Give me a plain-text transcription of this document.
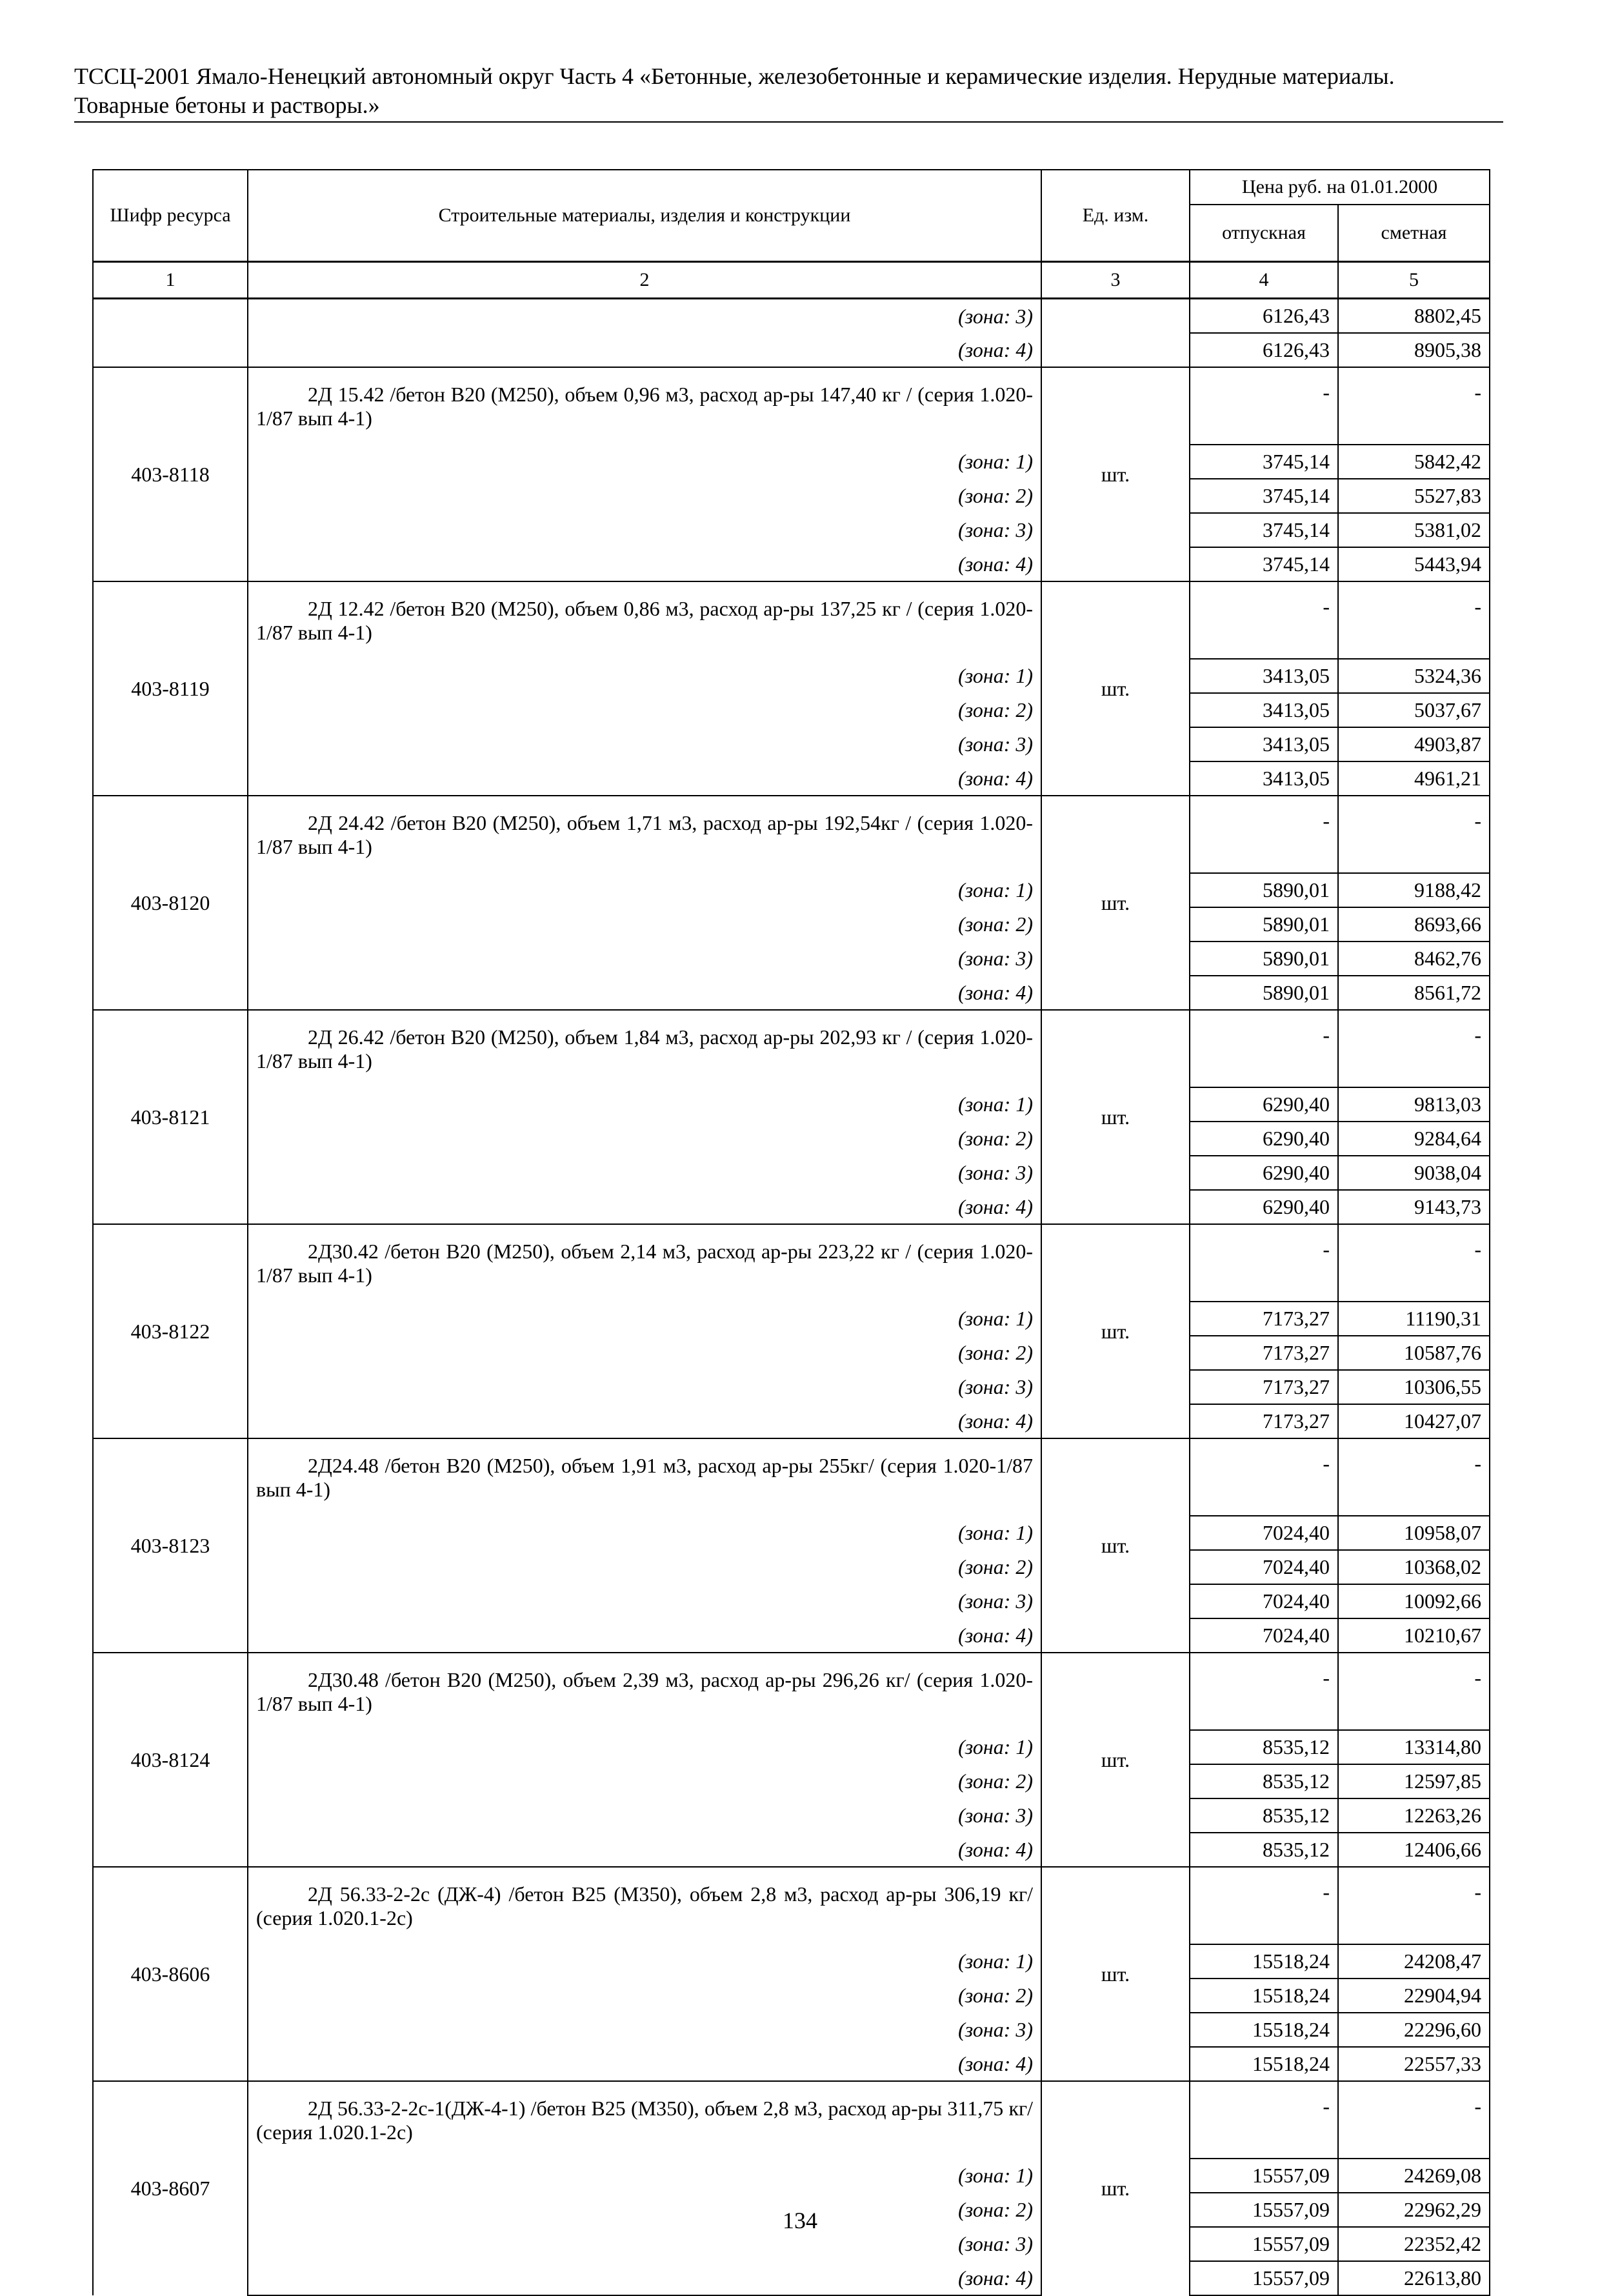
ТССЦ-2001 Ямало-Ненецкий автономный округ Часть 4 «Бетонные, железобетонные и керамические изделия. Нерудные материалы.
Товарные бетоны и растворы.»
Шифр ресурса	Строительные материалы, изделия и конструкции	Ед. изм.	Цена руб. на 01.01.2000	
			отпускная	сметная
1	2	3	4	5
	(зона: 3)		6126,43	8802,45
	(зона: 4)		6126,43	8905,38
403-8118	2Д 15.42 /бетон В20 (М250), объем 0,96 м3, расход ар-ры 147,40 кг / (серия 1.020-1/87 вып 4-1)	шт.	-	-
	(зона: 1)		3745,14	5842,42
	(зона: 2)		3745,14	5527,83
	(зона: 3)		3745,14	5381,02
	(зона: 4)		3745,14	5443,94
403-8119	2Д 12.42 /бетон В20 (М250), объем 0,86 м3, расход ар-ры 137,25 кг / (серия 1.020-1/87 вып 4-1)	шт.	-	-
	(зона: 1)		3413,05	5324,36
	(зона: 2)		3413,05	5037,67
	(зона: 3)		3413,05	4903,87
	(зона: 4)		3413,05	4961,21
403-8120	2Д 24.42 /бетон В20 (М250), объем 1,71 м3, расход ар-ры 192,54кг / (серия 1.020-1/87 вып 4-1)	шт.	-	-
	(зона: 1)		5890,01	9188,42
	(зона: 2)		5890,01	8693,66
	(зона: 3)		5890,01	8462,76
	(зона: 4)		5890,01	8561,72
403-8121	2Д 26.42 /бетон В20 (М250), объем 1,84 м3, расход ар-ры 202,93 кг / (серия 1.020-1/87 вып 4-1)	шт.	-	-
	(зона: 1)		6290,40	9813,03
	(зона: 2)		6290,40	9284,64
	(зона: 3)		6290,40	9038,04
	(зона: 4)		6290,40	9143,73
403-8122	2Д30.42 /бетон В20 (М250), объем 2,14 м3, расход ар-ры 223,22 кг / (серия 1.020-1/87 вып 4-1)	шт.	-	-
	(зона: 1)		7173,27	11190,31
	(зона: 2)		7173,27	10587,76
	(зона: 3)		7173,27	10306,55
	(зона: 4)		7173,27	10427,07
403-8123	2Д24.48 /бетон В20 (М250), объем 1,91 м3, расход ар-ры 255кг/ (серия 1.020-1/87 вып 4-1)	шт.	-	-
	(зона: 1)		7024,40	10958,07
	(зона: 2)		7024,40	10368,02
	(зона: 3)		7024,40	10092,66
	(зона: 4)		7024,40	10210,67
403-8124	2Д30.48 /бетон В20 (М250), объем 2,39 м3, расход ар-ры 296,26 кг/ (серия 1.020-1/87 вып 4-1)	шт.	-	-
	(зона: 1)		8535,12	13314,80
	(зона: 2)		8535,12	12597,85
	(зона: 3)		8535,12	12263,26
	(зона: 4)		8535,12	12406,66
403-8606	2Д 56.33-2-2с (ДЖ-4) /бетон В25 (М350), объем 2,8 м3, расход ар-ры 306,19 кг/ (серия 1.020.1-2с)	шт.	-	-
	(зона: 1)		15518,24	24208,47
	(зона: 2)		15518,24	22904,94
	(зона: 3)		15518,24	22296,60
	(зона: 4)		15518,24	22557,33
403-8607	2Д 56.33-2-2с-1(ДЖ-4-1) /бетон В25 (М350), объем 2,8 м3, расход ар-ры 311,75 кг/ (серия 1.020.1-2с)	шт.	-	-
	(зона: 1)		15557,09	24269,08
	(зона: 2)		15557,09	22962,29
	(зона: 3)		15557,09	22352,42
	(зона: 4)		15557,09	22613,80
134
